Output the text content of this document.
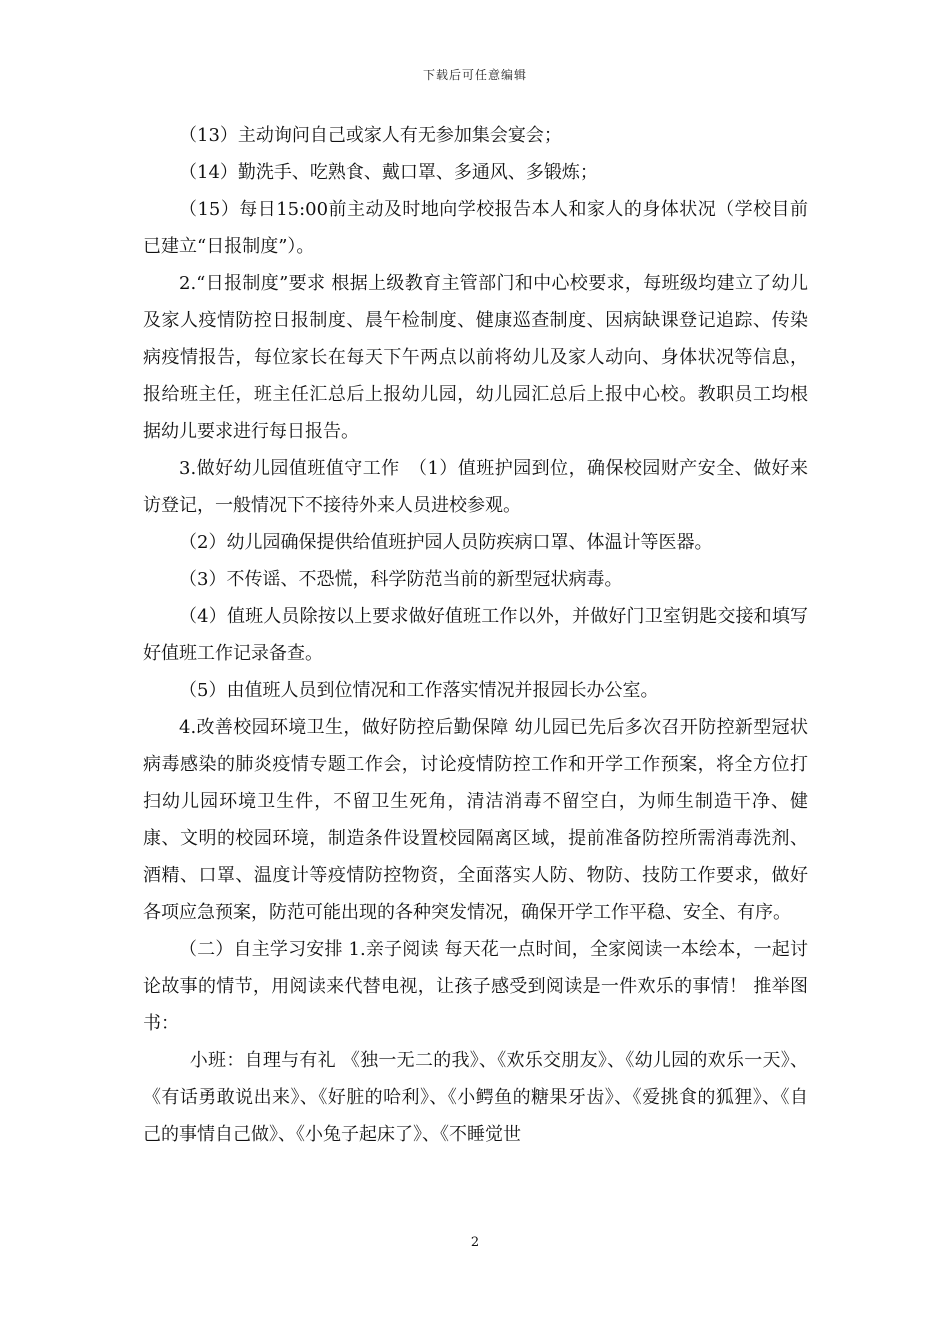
下载后可任意编辑

（13）主动询问自己或家人有无参加集会宴会；

（14）勤洗手、吃熟食、戴口罩、多通风、多锻炼；

（15）每日15:00前主动及时地向学校报告本人和家人的身体状况（学校目前已建立“日报制度”）。

2.“日报制度”要求 根据上级教育主管部门和中心校要求，每班级均建立了幼儿及家人疫情防控日报制度、晨午检制度、健康巡查制度、因病缺课登记追踪、传染病疫情报告，每位家长在每天下午两点以前将幼儿及家人动向、身体状况等信息，报给班主任，班主任汇总后上报幼儿园，幼儿园汇总后上报中心校。教职员工均根据幼儿要求进行每日报告。

3.做好幼儿园值班值守工作　（1）值班护园到位，确保校园财产安全、做好来访登记，一般情况下不接待外来人员进校参观。

（2）幼儿园确保提供给值班护园人员防疾病口罩、体温计等医器。

（3）不传谣、不恐慌，科学防范当前的新型冠状病毒。

（4）值班人员除按以上要求做好值班工作以外，并做好门卫室钥匙交接和填写好值班工作记录备查。

（5）由值班人员到位情况和工作落实情况并报园长办公室。

4.改善校园环境卫生，做好防控后勤保障 幼儿园已先后多次召开防控新型冠状病毒感染的肺炎疫情专题工作会，讨论疫情防控工作和开学工作预案，将全方位打扫幼儿园环境卫生件，不留卫生死角，清洁消毒不留空白，为师生制造干净、健康、文明的校园环境，制造条件设置校园隔离区域，提前准备防控所需消毒洗剂、酒精、口罩、温度计等疫情防控物资，全面落实人防、物防、技防工作要求，做好各项应急预案，防范可能出现的各种突发情况，确保开学工作平稳、安全、有序。

（二）自主学习安排 1.亲子阅读 每天花一点时间，全家阅读一本绘本，一起讨论故事的情节，用阅读来代替电视，让孩子感受到阅读是一件欢乐的事情！ 推举图书：

小班：自理与有礼 《独一无二的我》、《欢乐交朋友》、《幼儿园的欢乐一天》、《有话勇敢说出来》、《好脏的哈利》、《小鳄鱼的糖果牙齿》、《爱挑食的狐狸》、《自己的事情自己做》、《小兔子起床了》、《不睡觉世

2
